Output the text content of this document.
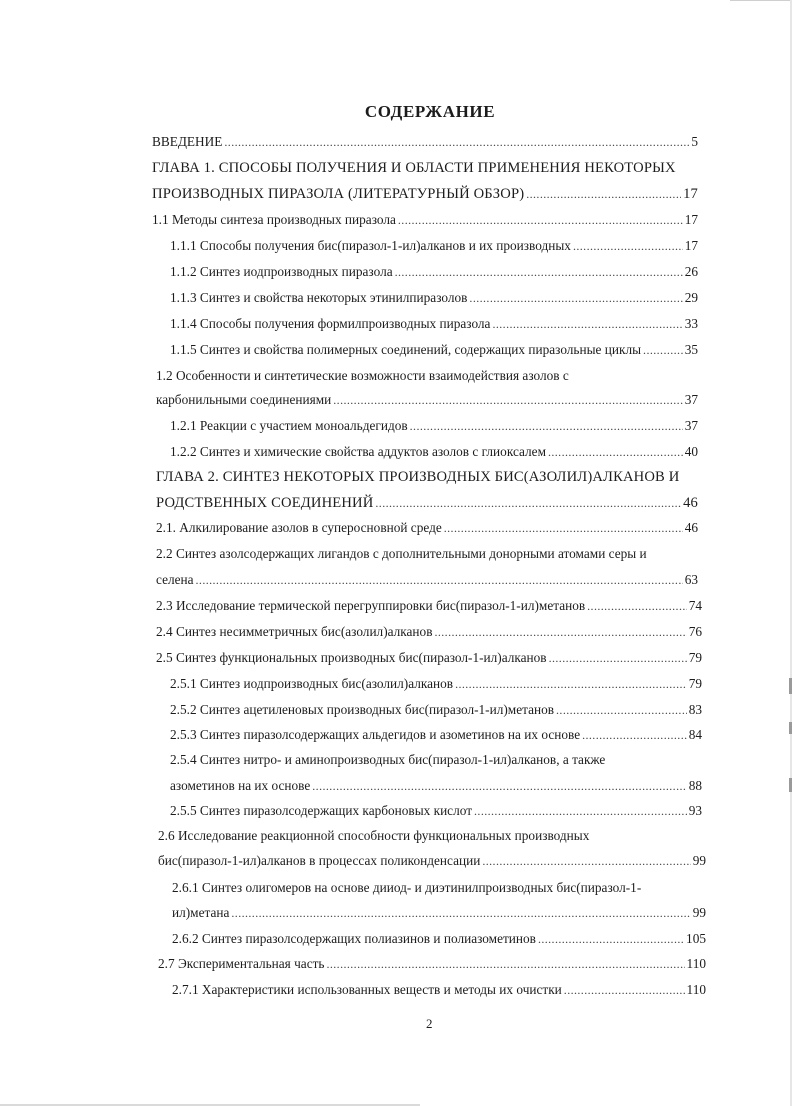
СОДЕРЖАНИЕ
ВВЕДЕНИЕ .....	5
ГЛАВА 1. СПОСОБЫ ПОЛУЧЕНИЯ И ОБЛАСТИ ПРИМЕНЕНИЯ НЕКОТОРЫХ
ПРОИЗВОДНЫХ ПИРАЗОЛА (ЛИТЕРАТУРНЫЙ ОБЗОР) .....	17
1.1 Методы синтеза производных пиразола .....	17
1.1.1 Способы получения бис(пиразол-1-ил)алканов и их производных .....	17
1.1.2 Синтез иодпроизводных пиразола .....	26
1.1.3 Синтез и свойства некоторых этинилпиразолов .....	29
1.1.4 Способы получения формилпроизводных пиразола .....	33
1.1.5 Синтез и свойства полимерных соединений, содержащих пиразольные циклы .....	35
1.2 Особенности и синтетические возможности взаимодействия азолов с
карбонильными соединениями .....	37
1.2.1 Реакции с участием моноальдегидов .....	37
1.2.2 Синтез и химические свойства аддуктов азолов с глиоксалем .....	40
ГЛАВА 2. СИНТЕЗ НЕКОТОРЫХ ПРОИЗВОДНЫХ БИС(АЗОЛИЛ)АЛКАНОВ И
РОДСТВЕННЫХ СОЕДИНЕНИЙ .....	46
2.1. Алкилирование азолов в суперосновной среде .....	46
2.2 Синтез азолсодержащих лигандов с дополнительными донорными атомами серы и
селена .....	63
2.3 Исследование термической перегруппировки бис(пиразол-1-ил)метанов .....	74
2.4 Синтез несимметричных бис(азолил)алканов .....	76
2.5 Синтез функциональных производных бис(пиразол-1-ил)алканов .....	79
2.5.1 Синтез иодпроизводных бис(азолил)алканов .....	79
2.5.2 Синтез ацетиленовых производных бис(пиразол-1-ил)метанов .....	83
2.5.3 Синтез пиразолсодержащих альдегидов и азометинов на их основе .....	84
2.5.4 Синтез нитро- и аминопроизводных бис(пиразол-1-ил)алканов, а также
азометинов на их основе .....	88
2.5.5 Синтез пиразолсодержащих карбоновых кислот .....	93
2.6 Исследование реакционной способности функциональных производных
бис(пиразол-1-ил)алканов в процессах поликонденсации .....	99
2.6.1 Синтез олигомеров на основе дииод- и диэтинилпроизводных бис(пиразол-1-
ил)метана .....	99
2.6.2 Синтез пиразолсодержащих полиазинов и полиазометинов .....	105
2.7 Экспериментальная часть .....	110
2.7.1 Характеристики использованных веществ и методы их очистки .....	110
2
